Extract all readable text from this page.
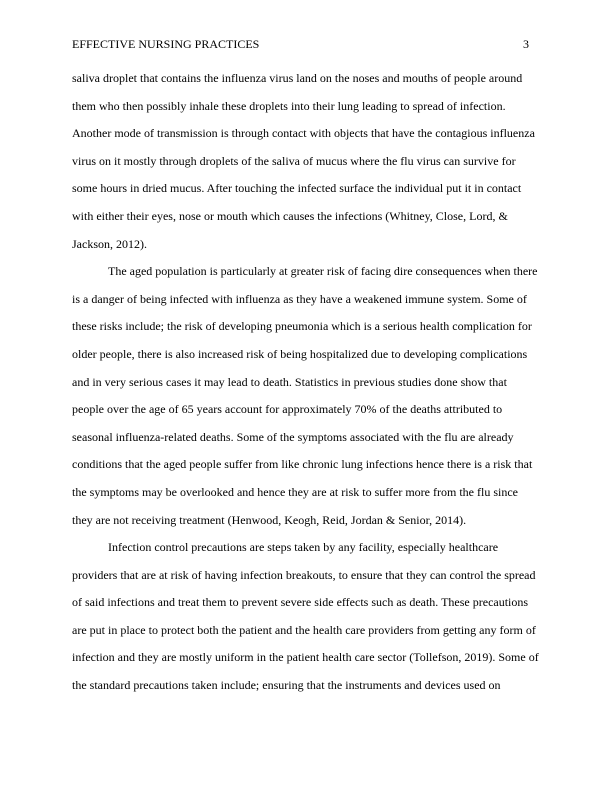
EFFECTIVE NURSING PRACTICES	3
saliva droplet that contains the influenza virus land on the noses and mouths of people around
them who then possibly inhale these droplets into their lung leading to spread of infection.
Another mode of transmission is through contact with objects that have the contagious influenza
virus on it mostly through droplets of the saliva of mucus where the flu virus can survive for
some hours in dried mucus. After touching the infected surface the individual put it in contact
with either their eyes, nose or mouth which causes the infections (Whitney, Close, Lord, &
Jackson, 2012).
The aged population is particularly at greater risk of facing dire consequences when there
is a danger of being infected with influenza as they have a weakened immune system. Some of
these risks include; the risk of developing pneumonia which is a serious health complication for
older people, there is also increased risk of being hospitalized due to developing complications
and in very serious cases it may lead to death. Statistics in previous studies done show that
people over the age of 65 years account for approximately 70% of the deaths attributed to
seasonal influenza-related deaths. Some of the symptoms associated with the flu are already
conditions that the aged people suffer from like chronic lung infections hence there is a risk that
the symptoms may be overlooked and hence they are at risk to suffer more from the flu since
they are not receiving treatment (Henwood, Keogh, Reid, Jordan & Senior, 2014).
Infection control precautions are steps taken by any facility, especially healthcare
providers that are at risk of having infection breakouts, to ensure that they can control the spread
of said infections and treat them to prevent severe side effects such as death. These precautions
are put in place to protect both the patient and the health care providers from getting any form of
infection and they are mostly uniform in the patient health care sector (Tollefson, 2019). Some of
the standard precautions taken include; ensuring that the instruments and devices used on
